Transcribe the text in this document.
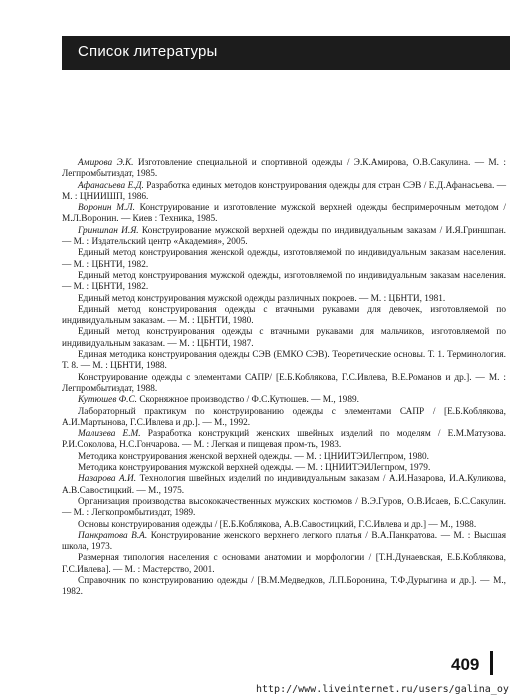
Список литературы

Амирова Э.К. Изготовление специальной и спортивной одежды / Э.К.Амирова, О.В.Сакулина. — М. : Легпромбытиздат, 1985.

Афанасьева Е.Д. Разработка единых методов конструирования одежды для стран СЭВ / Е.Д.Афанасьева. — М. : ЦНИИШП, 1986.

Воронин М.Л. Конструирование и изготовление мужской верхней одежды беспримерочным методом / М.Л.Воронин. — Киев : Техника, 1985.

Гриншпан И.Я. Конструирование мужской верхней одежды по индивидуальным заказам / И.Я.Гриншпан. — М. : Издательский центр «Академия», 2005.

Единый метод конструирования женской одежды, изготовляемой по индивидуальным заказам населения. — М. : ЦБНТИ, 1982.

Единый метод конструирования мужской одежды, изготовляемой по индивидуальным заказам населения. — М. : ЦБНТИ, 1982.

Единый метод конструирования мужской одежды различных покроев. — М. : ЦБНТИ, 1981.

Единый метод конструирования одежды с втачными рукавами для девочек, изготовляемой по индивидуальным заказам. — М. : ЦБНТИ, 1980.

Единый метод конструирования одежды с втачными рукавами для мальчиков, изготовляемой по индивидуальным заказам. — М. : ЦБНТИ, 1987.

Единая методика конструирования одежды СЭВ (ЕМКО СЭВ). Теоретические основы. Т. 1. Терминология. Т. 8. — М. : ЦБНТИ, 1988.

Конструирование одежды с элементами САПР/ [Е.Б.Коблякова, Г.С.Ивлева, В.Е.Романов и др.]. — М. : Легпромбытиздат, 1988.

Кутюшев Ф.С. Скорняжное производство / Ф.С.Кутюшев. — М., 1989.

Лабораторный практикум по конструированию одежды с элементами САПР / [Е.Б.Коблякова, А.И.Мартынова, Г.С.Ивлева и др.]. — М., 1992.

Мализева Е.М. Разработка конструкций женских швейных изделий по моделям / Е.М.Матузова. Р.И.Соколова, Н.С.Гончарова. — М. : Легкая и пищевая пром-ть, 1983.

Методика конструирования женской верхней одежды. — М. : ЦНИИТЭИЛегпром, 1980.

Методика конструирования мужской верхней одежды. — М. : ЦНИИТЭИЛегпром, 1979.

Назарова А.И. Технология швейных изделий по индивидуальным заказам / А.И.Назарова, И.А.Куликова, А.В.Савостицкий. — М., 1975.

Организация производства высококачественных мужских костюмов / В.Э.Гуров, О.В.Исаев, Б.С.Сакулин. — М. : Легкопромбытиздат, 1989.

Основы конструирования одежды / [Е.Б.Коблякова, А.В.Савостицкий, Г.С.Ивлева и др.] — М., 1988.

Панкратова В.А. Конструирование женского верхнего легкого платья / В.А.Панкратова. — М. : Высшая школа, 1973.

Размерная типология населения с основами анатомии и морфологии / [Т.Н.Дунаевская, Е.Б.Коблякова, Г.С.Ивлева]. — М. : Мастерство, 2001.

Справочник по конструированию одежды / [В.М.Медведков, Л.П.Боронина, Т.Ф.Дурыгина и др.]. — М., 1982.

409
http://www.liveinternet.ru/users/galina_oy
